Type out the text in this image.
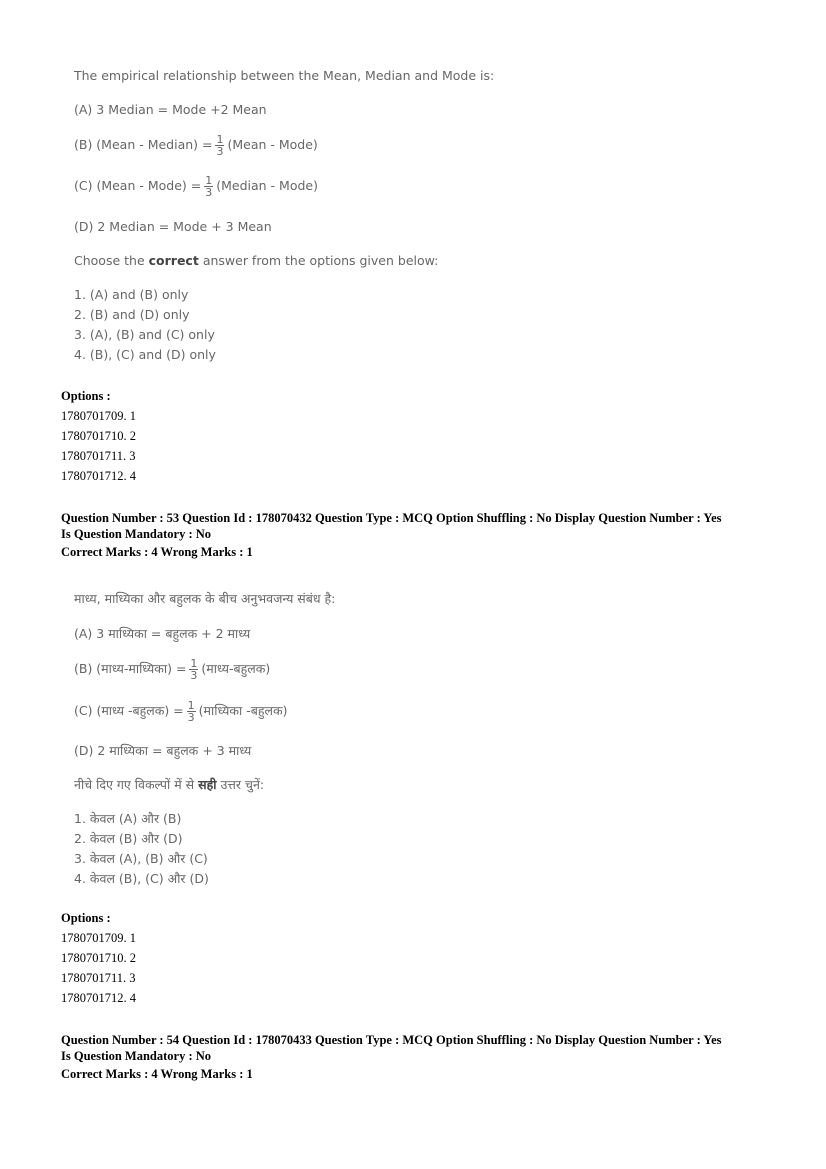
The empirical relationship between the Mean, Median and Mode is:
(A) 3 Median = Mode +2 Mean
(B) (Mean - Median) = $\frac{1}{3}$ (Mean - Mode)
(C) (Mean - Mode) = $\frac{1}{3}$ (Median - Mode)
(D) 2 Median = Mode + 3 Mean
Choose the correct answer from the options given below:
1. (A) and (B) only
2. (B) and (D) only
3. (A), (B) and (C) only
4. (B), (C) and (D) only
Options :
1780701709. 1
1780701710. 2
1780701711. 3
1780701712. 4
Question Number : 53 Question Id : 178070432 Question Type : MCQ Option Shuffling : No Display Question Number : Yes
Is Question Mandatory : No
Correct Marks : 4 Wrong Marks : 1
माध्य, माध्यिका और बहुलक के बीच अनुभवजन्य संबंध है:
(A) 3 माध्यिका = बहुलक + 2 माध्य
(B) (माध्य-माध्यिका) = $\frac{1}{3}$ (माध्य-बहुलक)
(C) (माध्य -बहुलक) = $\frac{1}{3}$ (माध्यिका -बहुलक)
(D) 2 माध्यिका = बहुलक + 3 माध्य
नीचे दिए गए विकल्पों में से सही उत्तर चुनें:
1. केवल (A) और (B)
2. केवल (B) और (D)
3. केवल (A), (B) और (C)
4. केवल (B), (C) और (D)
Options :
1780701709. 1
1780701710. 2
1780701711. 3
1780701712. 4
Question Number : 54 Question Id : 178070433 Question Type : MCQ Option Shuffling : No Display Question Number : Yes
Is Question Mandatory : No
Correct Marks : 4 Wrong Marks : 1
